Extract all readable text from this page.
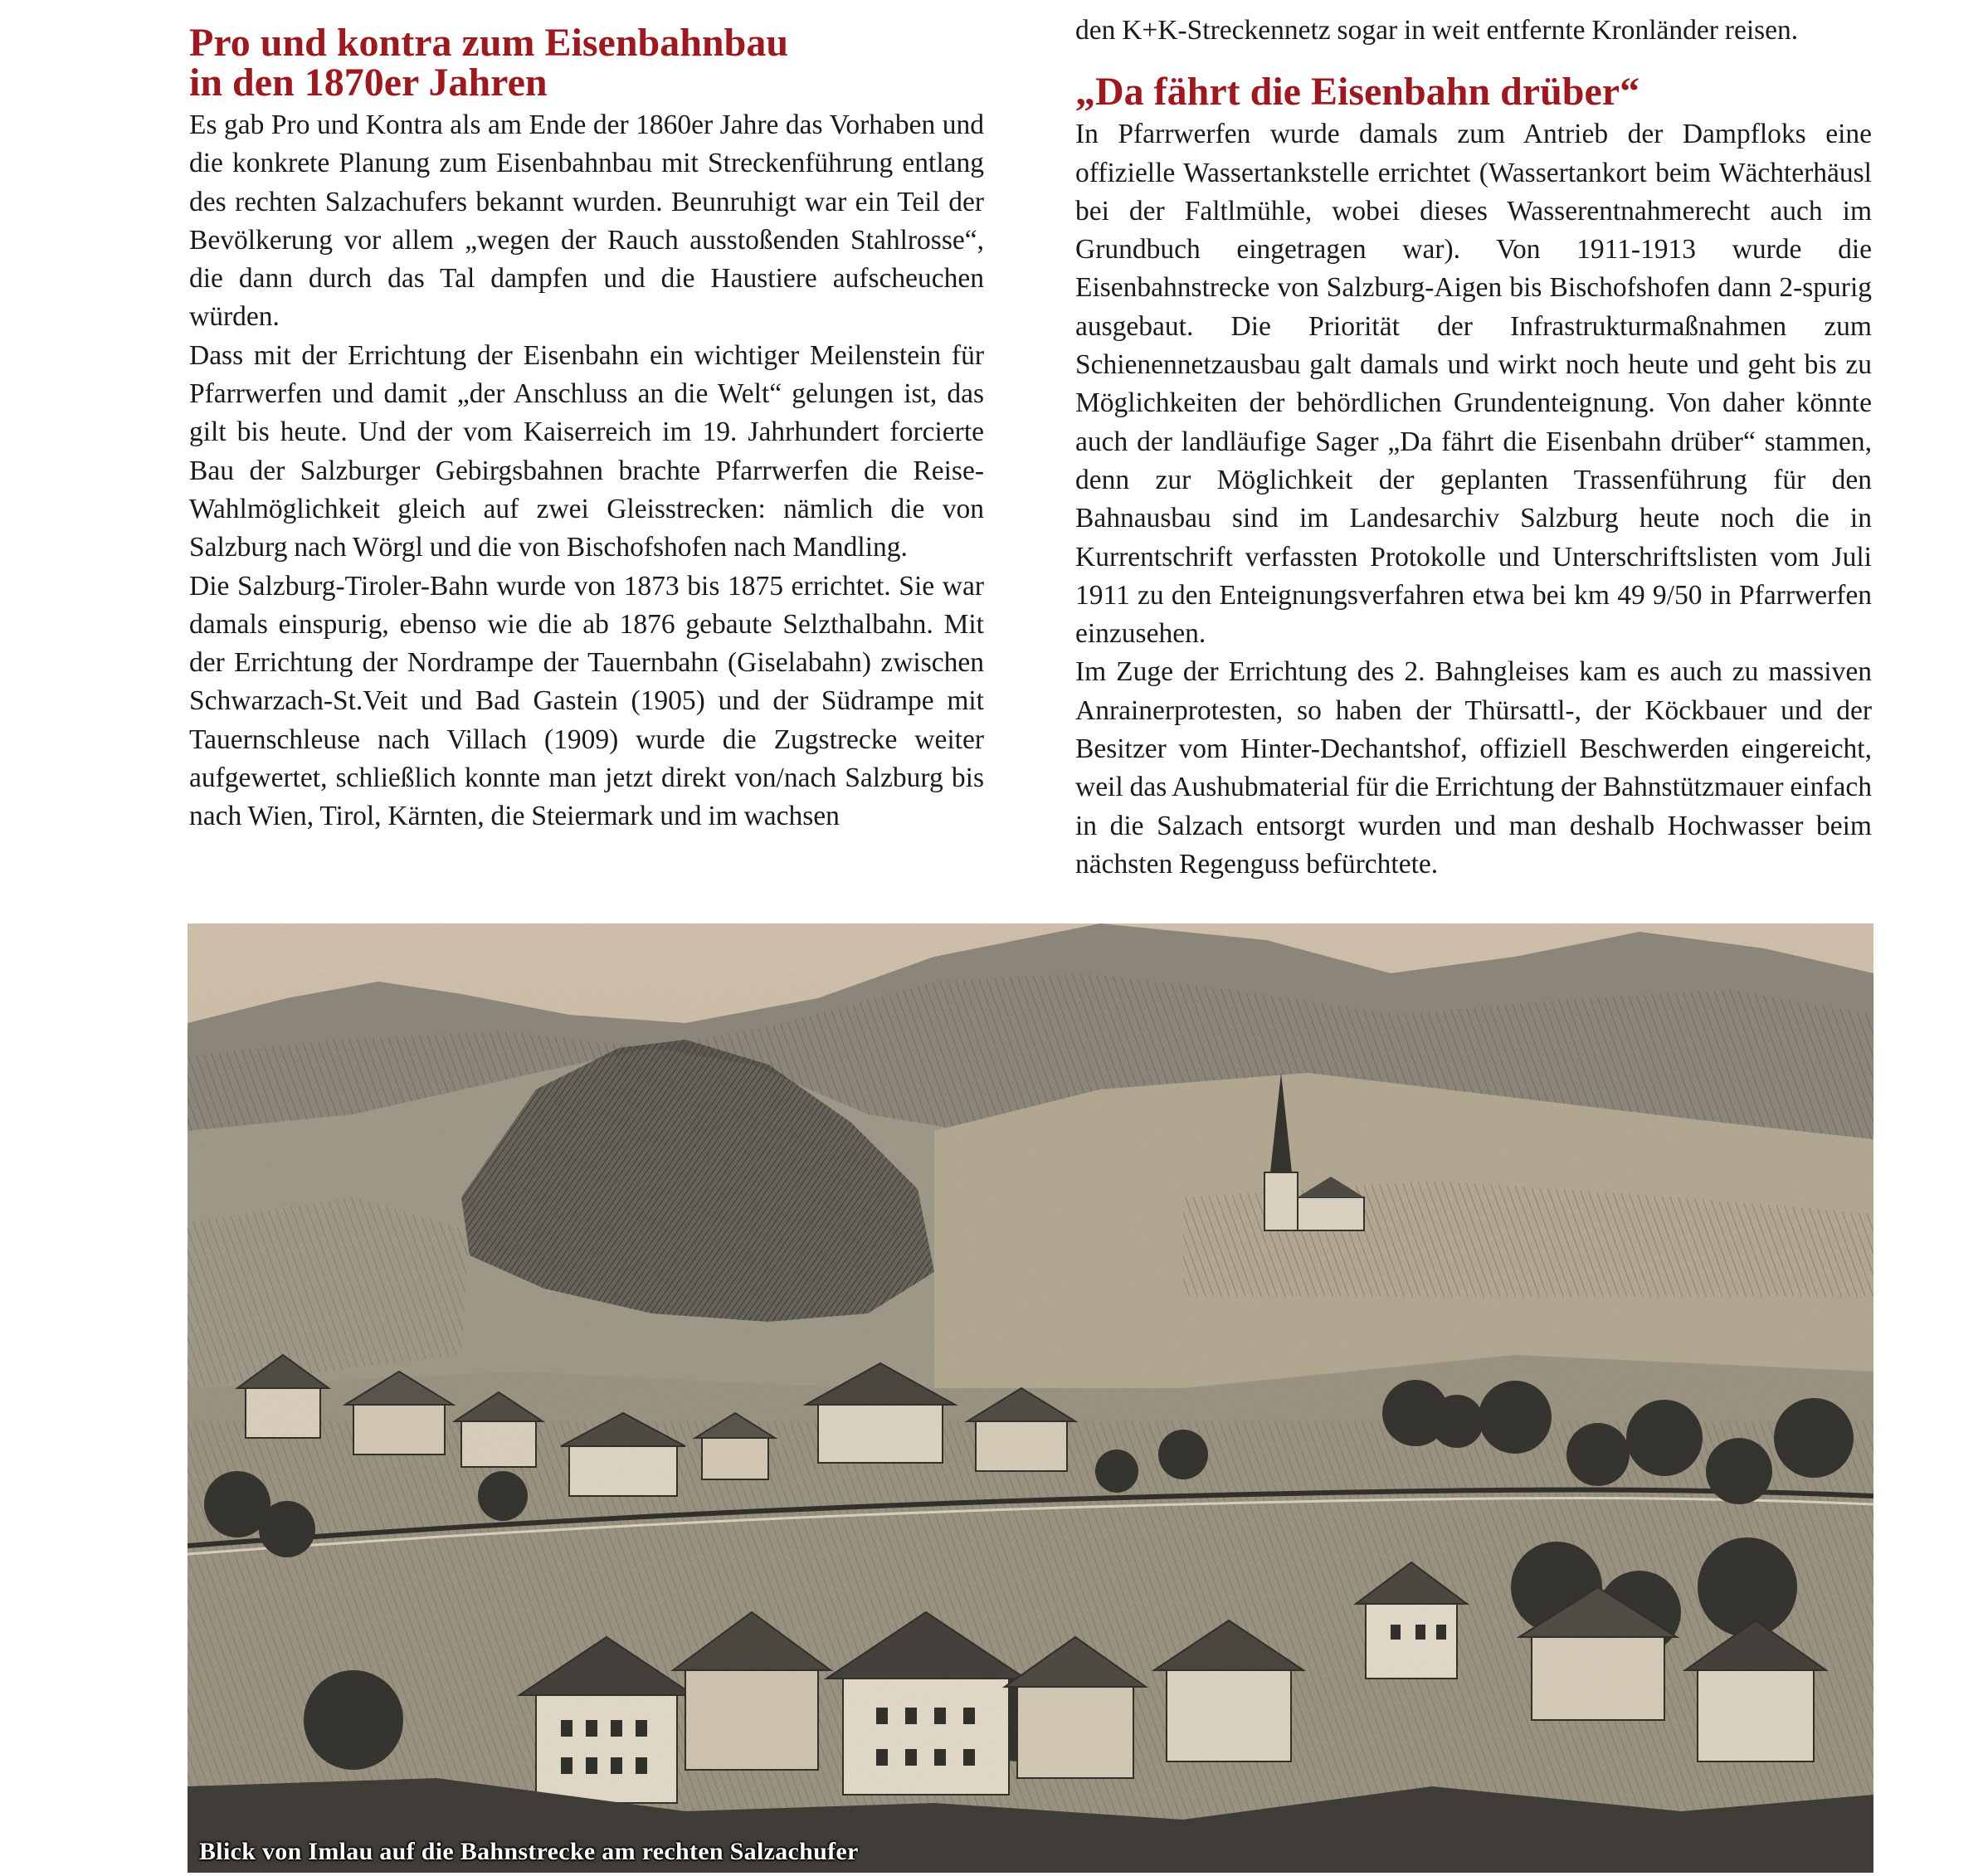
Pro und kontra zum Eisenbahnbau
in den 1870er Jahren

Es gab Pro und Kontra als am Ende der 1860er Jahre das Vorhaben und die konkrete Planung zum Eisenbahnbau mit Streckenführung entlang des rechten Salzachufers bekannt wurden. Beunruhigt war ein Teil der Bevölkerung vor allem „wegen der Rauch ausstoßenden Stahlrosse“, die dann durch das Tal dampfen und die Haustiere aufscheuchen würden.

Dass mit der Errichtung der Eisenbahn ein wichtiger Meilenstein für Pfarrwerfen und damit „der Anschluss an die Welt“ gelungen ist, das gilt bis heute. Und der vom Kaiserreich im 19. Jahrhundert forcierte Bau der Salzburger Gebirgsbahnen brachte Pfarrwerfen die Reise-Wahlmöglichkeit gleich auf zwei Gleisstrecken: nämlich die von Salzburg nach Wörgl und die von Bischofshofen nach Mandling.

Die Salzburg-Tiroler-Bahn wurde von 1873 bis 1875 errichtet. Sie war damals einspurig, ebenso wie die ab 1876 gebaute Selzthalbahn. Mit der Errichtung der Nordrampe der Tauernbahn (Giselabahn) zwischen Schwarzach-St.Veit und Bad Gastein (1905) und der Südrampe mit Tauernschleuse nach Villach (1909) wurde die Zugstrecke weiter aufgewertet, schließlich konnte man jetzt direkt von/nach Salzburg bis nach Wien, Tirol, Kärnten, die Steiermark und im wachsen

den K+K-Streckennetz sogar in weit entfernte Kronländer reisen.

„Da fährt die Eisenbahn drüber“

In Pfarrwerfen wurde damals zum Antrieb der Dampfloks eine offizielle Wassertankstelle errichtet (Wassertankort beim Wächterhäusl bei der Faltlmühle, wobei dieses Wasserentnahmerecht auch im Grundbuch eingetragen war). Von 1911-1913 wurde die Eisenbahnstrecke von Salzburg-Aigen bis Bischofshofen dann 2-spurig ausgebaut. Die Priorität der Infrastrukturmaßnahmen zum Schienennetzausbau galt damals und wirkt noch heute und geht bis zu Möglichkeiten der behördlichen Grundenteignung. Von daher könnte auch der landläufige Sager „Da fährt die Eisenbahn drüber“ stammen, denn zur Möglichkeit der geplanten Trassenführung für den Bahnausbau sind im Landesarchiv Salzburg heute noch die in Kurrentschrift verfassten Protokolle und Unterschriftslisten vom Juli 1911 zu den Enteignungsverfahren etwa bei km 49 9/50 in Pfarrwerfen einzusehen.

Im Zuge der Errichtung des 2. Bahngleises kam es auch zu massiven Anrainerprotesten, so haben der Thürsattl-, der Köckbauer und der Besitzer vom Hinter-Dechantshof, offiziell Beschwerden eingereicht, weil das Aushubmaterial für die Errichtung der Bahnstützmauer einfach in die Salzach entsorgt wurden und man deshalb Hochwasser beim nächsten Regenguss befürchtete.

Blick von Imlau auf die Bahnstrecke am rechten Salzachufer
